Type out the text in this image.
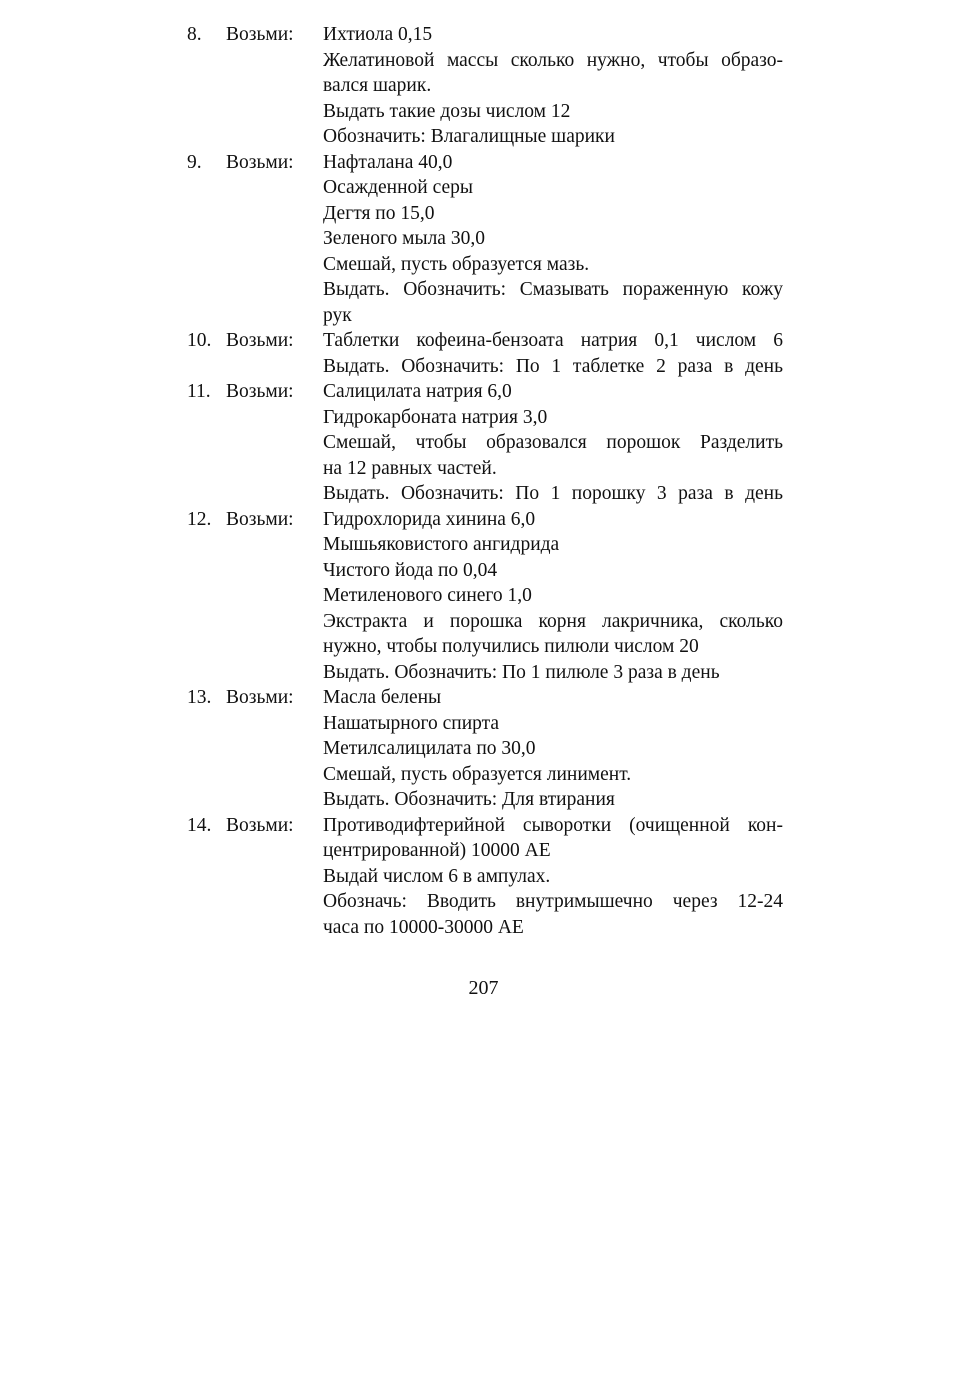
8. Возьми: Ихтиола 0,15
Желатиновой массы сколько нужно, чтобы образо-
вался шарик.
Выдать такие дозы числом 12
Обозначить: Влагалищные шарики
9. Возьми: Нафталана 40,0
Осажденной серы
Дегтя по 15,0
Зеленого мыла 30,0
Смешай, пусть образуется мазь.
Выдать. Обозначить: Смазывать пораженную кожу
рук
10. Возьми: Таблетки кофеина-бензоата натрия 0,1 числом 6
Выдать. Обозначить: По 1 таблетке 2 раза в день
11. Возьми: Салицилата натрия 6,0
Гидрокарбоната натрия 3,0
Смешай, чтобы образовался порошок Разделить
на 12 равных частей.
Выдать. Обозначить: По 1 порошку 3 раза в день
12. Возьми: Гидрохлорида хинина 6,0
Мышьяковистого ангидрида
Чистого йода по 0,04
Метиленового синего 1,0
Экстракта и порошка корня лакричника, сколько
нужно, чтобы получились пилюли числом 20
Выдать. Обозначить: По 1 пилюле 3 раза в день
13. Возьми: Масла белены
Нашатырного спирта
Метилсалицилата по 30,0
Смешай, пусть образуется линимент.
Выдать. Обозначить: Для втирания
14. Возьми: Противодифтерийной сыворотки (очищенной кон-
центрированной) 10000 АЕ
Выдай числом 6 в ампулах.
Обозначь: Вводить внутримышечно через 12-24
часа по 10000-30000 АЕ
207
